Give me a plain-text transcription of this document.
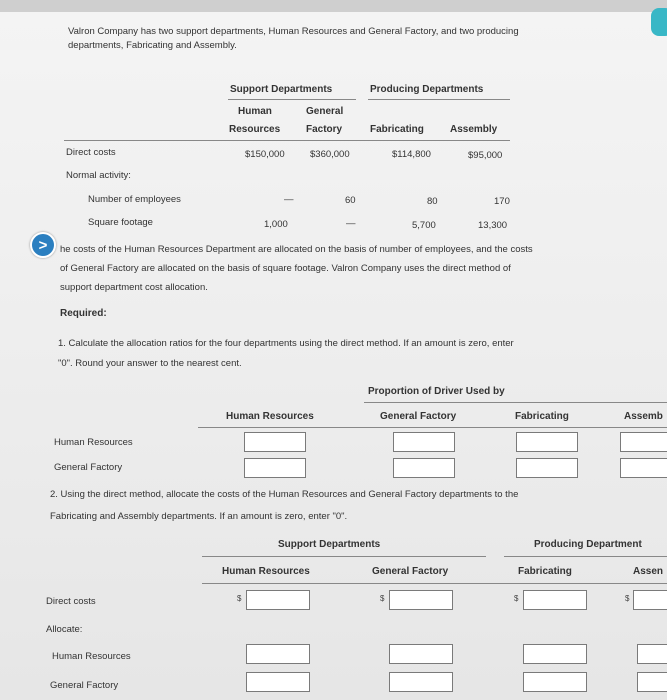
Valron Company has two support departments, Human Resources and General Factory, and two producing
departments, Fabricating and Assembly.
Support Departments	Producing Departments
Human	General
Resources	Factory	Fabricating	Assembly
Direct costs	$150,000	$360,000	$114,800	$95,000
Normal activity:
Number of employees	—	60	80	170
Square footage	1,000	—	5,700	13,300
>	he costs of the Human Resources Department are allocated on the basis of number of employees, and the costs
of General Factory are allocated on the basis of square footage. Valron Company uses the direct method of
support department cost allocation.
Required:
1. Calculate the allocation ratios for the four departments using the direct method. If an amount is zero, enter
"0". Round your answer to the nearest cent.
Proportion of Driver Used by
Human Resources	General Factory	Fabricating	Assemb
Human Resources
General Factory
2. Using the direct method, allocate the costs of the Human Resources and General Factory departments to the
Fabricating and Assembly departments. If an amount is zero, enter "0".
Support Departments	Producing Department
Human Resources	General Factory	Fabricating	Assen
Direct costs	$	$	$	$
Allocate:
Human Resources
General Factory
